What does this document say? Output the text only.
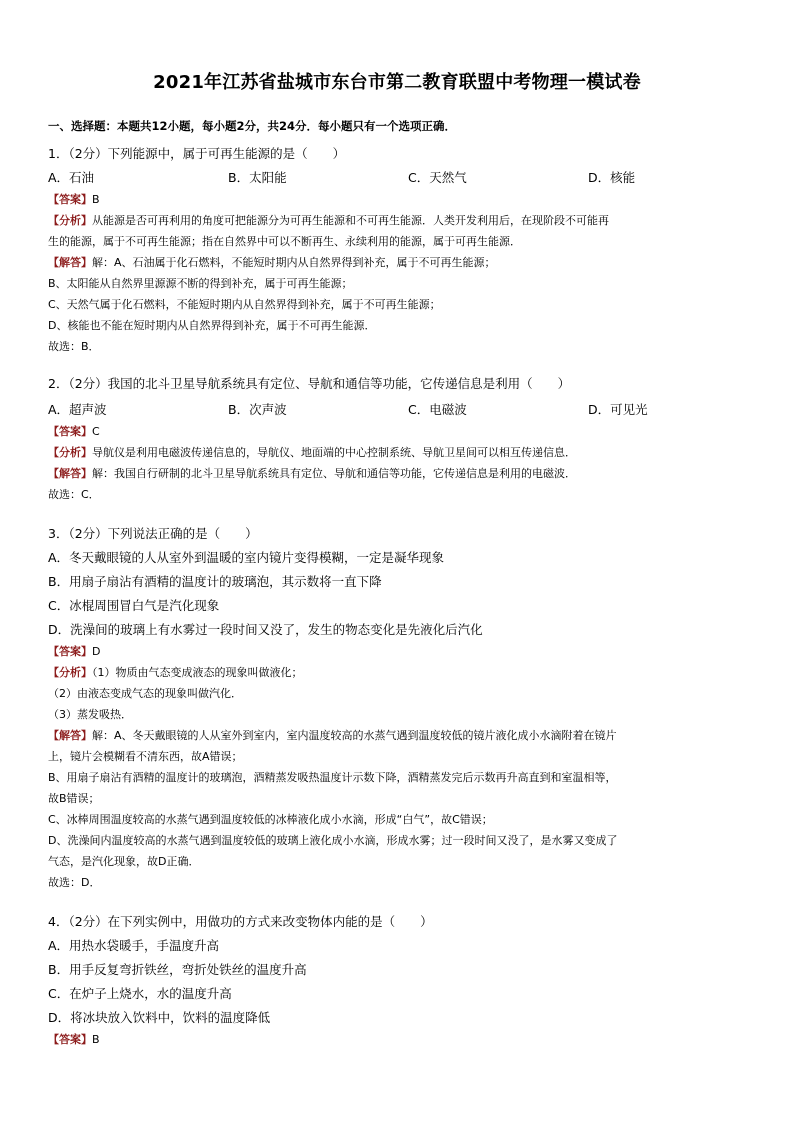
2021年江苏省盐城市东台市第二教育联盟中考物理一模试卷
一、选择题：本题共12小题，每小题2分，共24分．每小题只有一个选项正确．
1．（2分）下列能源中，属于可再生能源的是（　　）
A．石油	B．太阳能	C．天然气	D．核能
【答案】B
【分析】从能源是否可再利用的角度可把能源分为可再生能源和不可再生能源．人类开发利用后，在现阶段不可能再
生的能源，属于不可再生能源；指在自然界中可以不断再生、永续利用的能源，属于可再生能源．
【解答】解：A、石油属于化石燃料，不能短时期内从自然界得到补充，属于不可再生能源；
B、太阳能从自然界里源源不断的得到补充，属于可再生能源；
C、天然气属于化石燃料，不能短时期内从自然界得到补充，属于不可再生能源；
D、核能也不能在短时期内从自然界得到补充，属于不可再生能源．
故选：B．
2．（2分）我国的北斗卫星导航系统具有定位、导航和通信等功能，它传递信息是利用（　　）
A．超声波	B．次声波	C．电磁波	D．可见光
【答案】C
【分析】导航仪是利用电磁波传递信息的，导航仪、地面端的中心控制系统、导航卫星间可以相互传递信息．
【解答】解：我国自行研制的北斗卫星导航系统具有定位、导航和通信等功能，它传递信息是利用的电磁波．
故选：C．
3．（2分）下列说法正确的是（　　）
A．冬天戴眼镜的人从室外到温暖的室内镜片变得模糊，一定是凝华现象
B．用扇子扇沾有酒精的温度计的玻璃泡，其示数将一直下降
C．冰棍周围冒白气是汽化现象
D．洗澡间的玻璃上有水雾过一段时间又没了，发生的物态变化是先液化后汽化
【答案】D
【分析】（1）物质由气态变成液态的现象叫做液化；
（2）由液态变成气态的现象叫做汽化．
（3）蒸发吸热．
【解答】解：A、冬天戴眼镜的人从室外到室内，室内温度较高的水蒸气遇到温度较低的镜片液化成小水滴附着在镜片
上，镜片会模糊看不清东西，故A错误；
B、用扇子扇沾有酒精的温度计的玻璃泡，酒精蒸发吸热温度计示数下降，酒精蒸发完后示数再升高直到和室温相等，
故B错误；
C、冰棒周围温度较高的水蒸气遇到温度较低的冰棒液化成小水滴，形成“白气”，故C错误；
D、洗澡间内温度较高的水蒸气遇到温度较低的玻璃上液化成小水滴，形成水雾；过一段时间又没了，是水雾又变成了
气态，是汽化现象，故D正确．
故选：D．
4．（2分）在下列实例中，用做功的方式来改变物体内能的是（　　）
A．用热水袋暖手，手温度升高
B．用手反复弯折铁丝，弯折处铁丝的温度升高
C．在炉子上烧水，水的温度升高
D．将冰块放入饮料中，饮料的温度降低
【答案】B
